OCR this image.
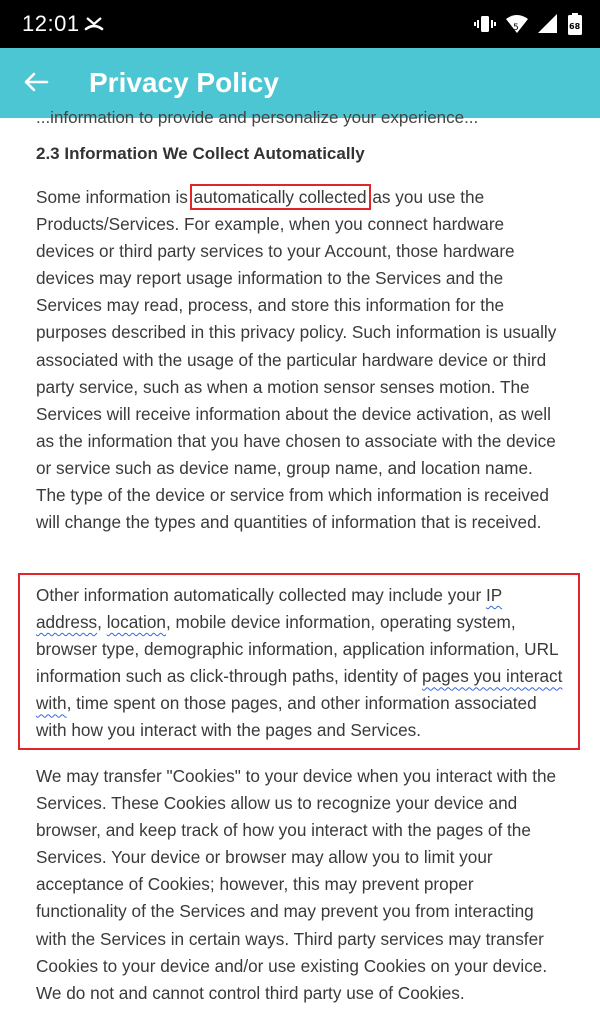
12:01	5	68
Privacy Policy
...information to provide and personalize your experience...
2.3 Information We Collect Automatically

Some information is automatically collected as you use the Products/Services. For example, when you connect hardware devices or third party services to your Account, those hardware devices may report usage information to the Services and the Services may read, process, and store this information for the purposes described in this privacy policy. Such information is usually associated with the usage of the particular hardware device or third party service, such as when a motion sensor senses motion. The Services will receive information about the device activation, as well as the information that you have chosen to associate with the device or service such as device name, group name, and location name. The type of the device or service from which information is received will change the types and quantities of information that is received.

Other information automatically collected may include your IP address, location, mobile device information, operating system, browser type, demographic information, application information, URL information such as click-through paths, identity of pages you interact with, time spent on those pages, and other information associated with how you interact with the pages and Services.

We may transfer "Cookies" to your device when you interact with the Services. These Cookies allow us to recognize your device and browser, and keep track of how you interact with the pages of the Services. Your device or browser may allow you to limit your acceptance of Cookies; however, this may prevent proper functionality of the Services and may prevent you from interacting with the Services in certain ways. Third party services may transfer Cookies to your device and/or use existing Cookies on your device. We do not and cannot control third party use of Cookies.
